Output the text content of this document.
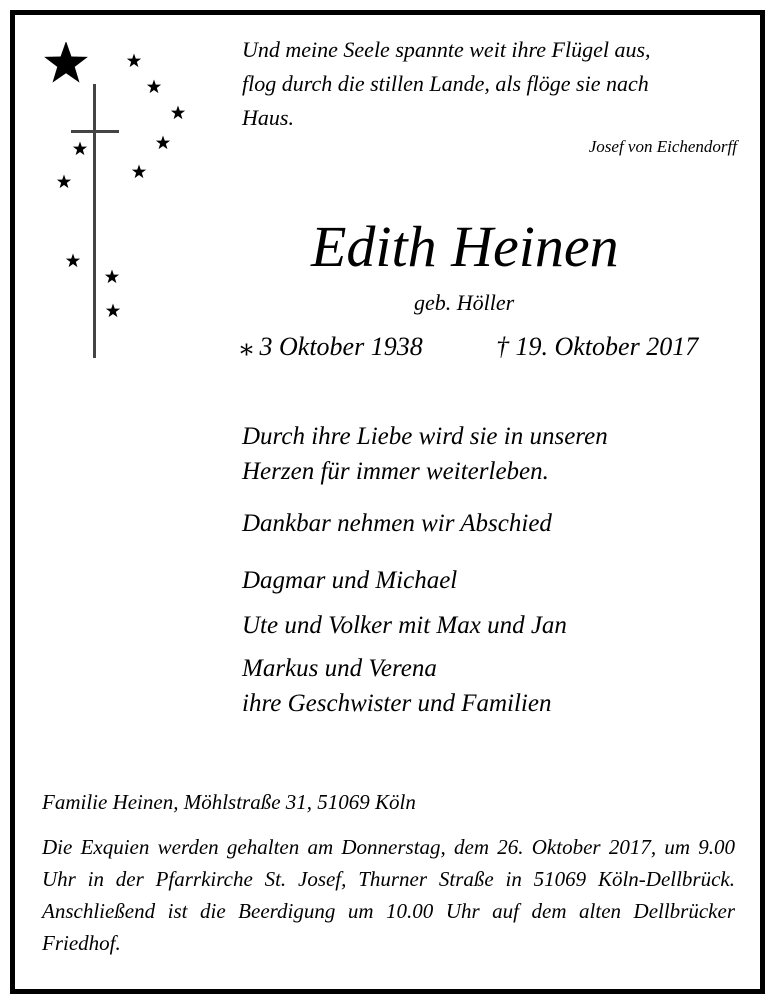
Und meine Seele spannte weit ihre Flügel aus,
flog durch die stillen Lande, als flöge sie nach
Haus.
Josef von Eichendorff
Edith Heinen
geb. Höller
⁎ 3 Oktober 1938	† 19. Oktober 2017
Durch ihre Liebe wird sie in unseren
Herzen für immer weiterleben.
Dankbar nehmen wir Abschied
Dagmar und Michael
Ute und Volker mit Max und Jan
Markus und Verena
ihre Geschwister und Familien
Familie Heinen, Möhlstraße 31, 51069 Köln
Die Exquien werden gehalten am Donnerstag, dem 26. Oktober 2017, um 9.00 Uhr in der Pfarrkirche St. Josef, Thurner Straße in 51069 Köln-Dellbrück. Anschließend ist die Beerdigung um 10.00 Uhr auf dem alten Dellbrücker Friedhof.
